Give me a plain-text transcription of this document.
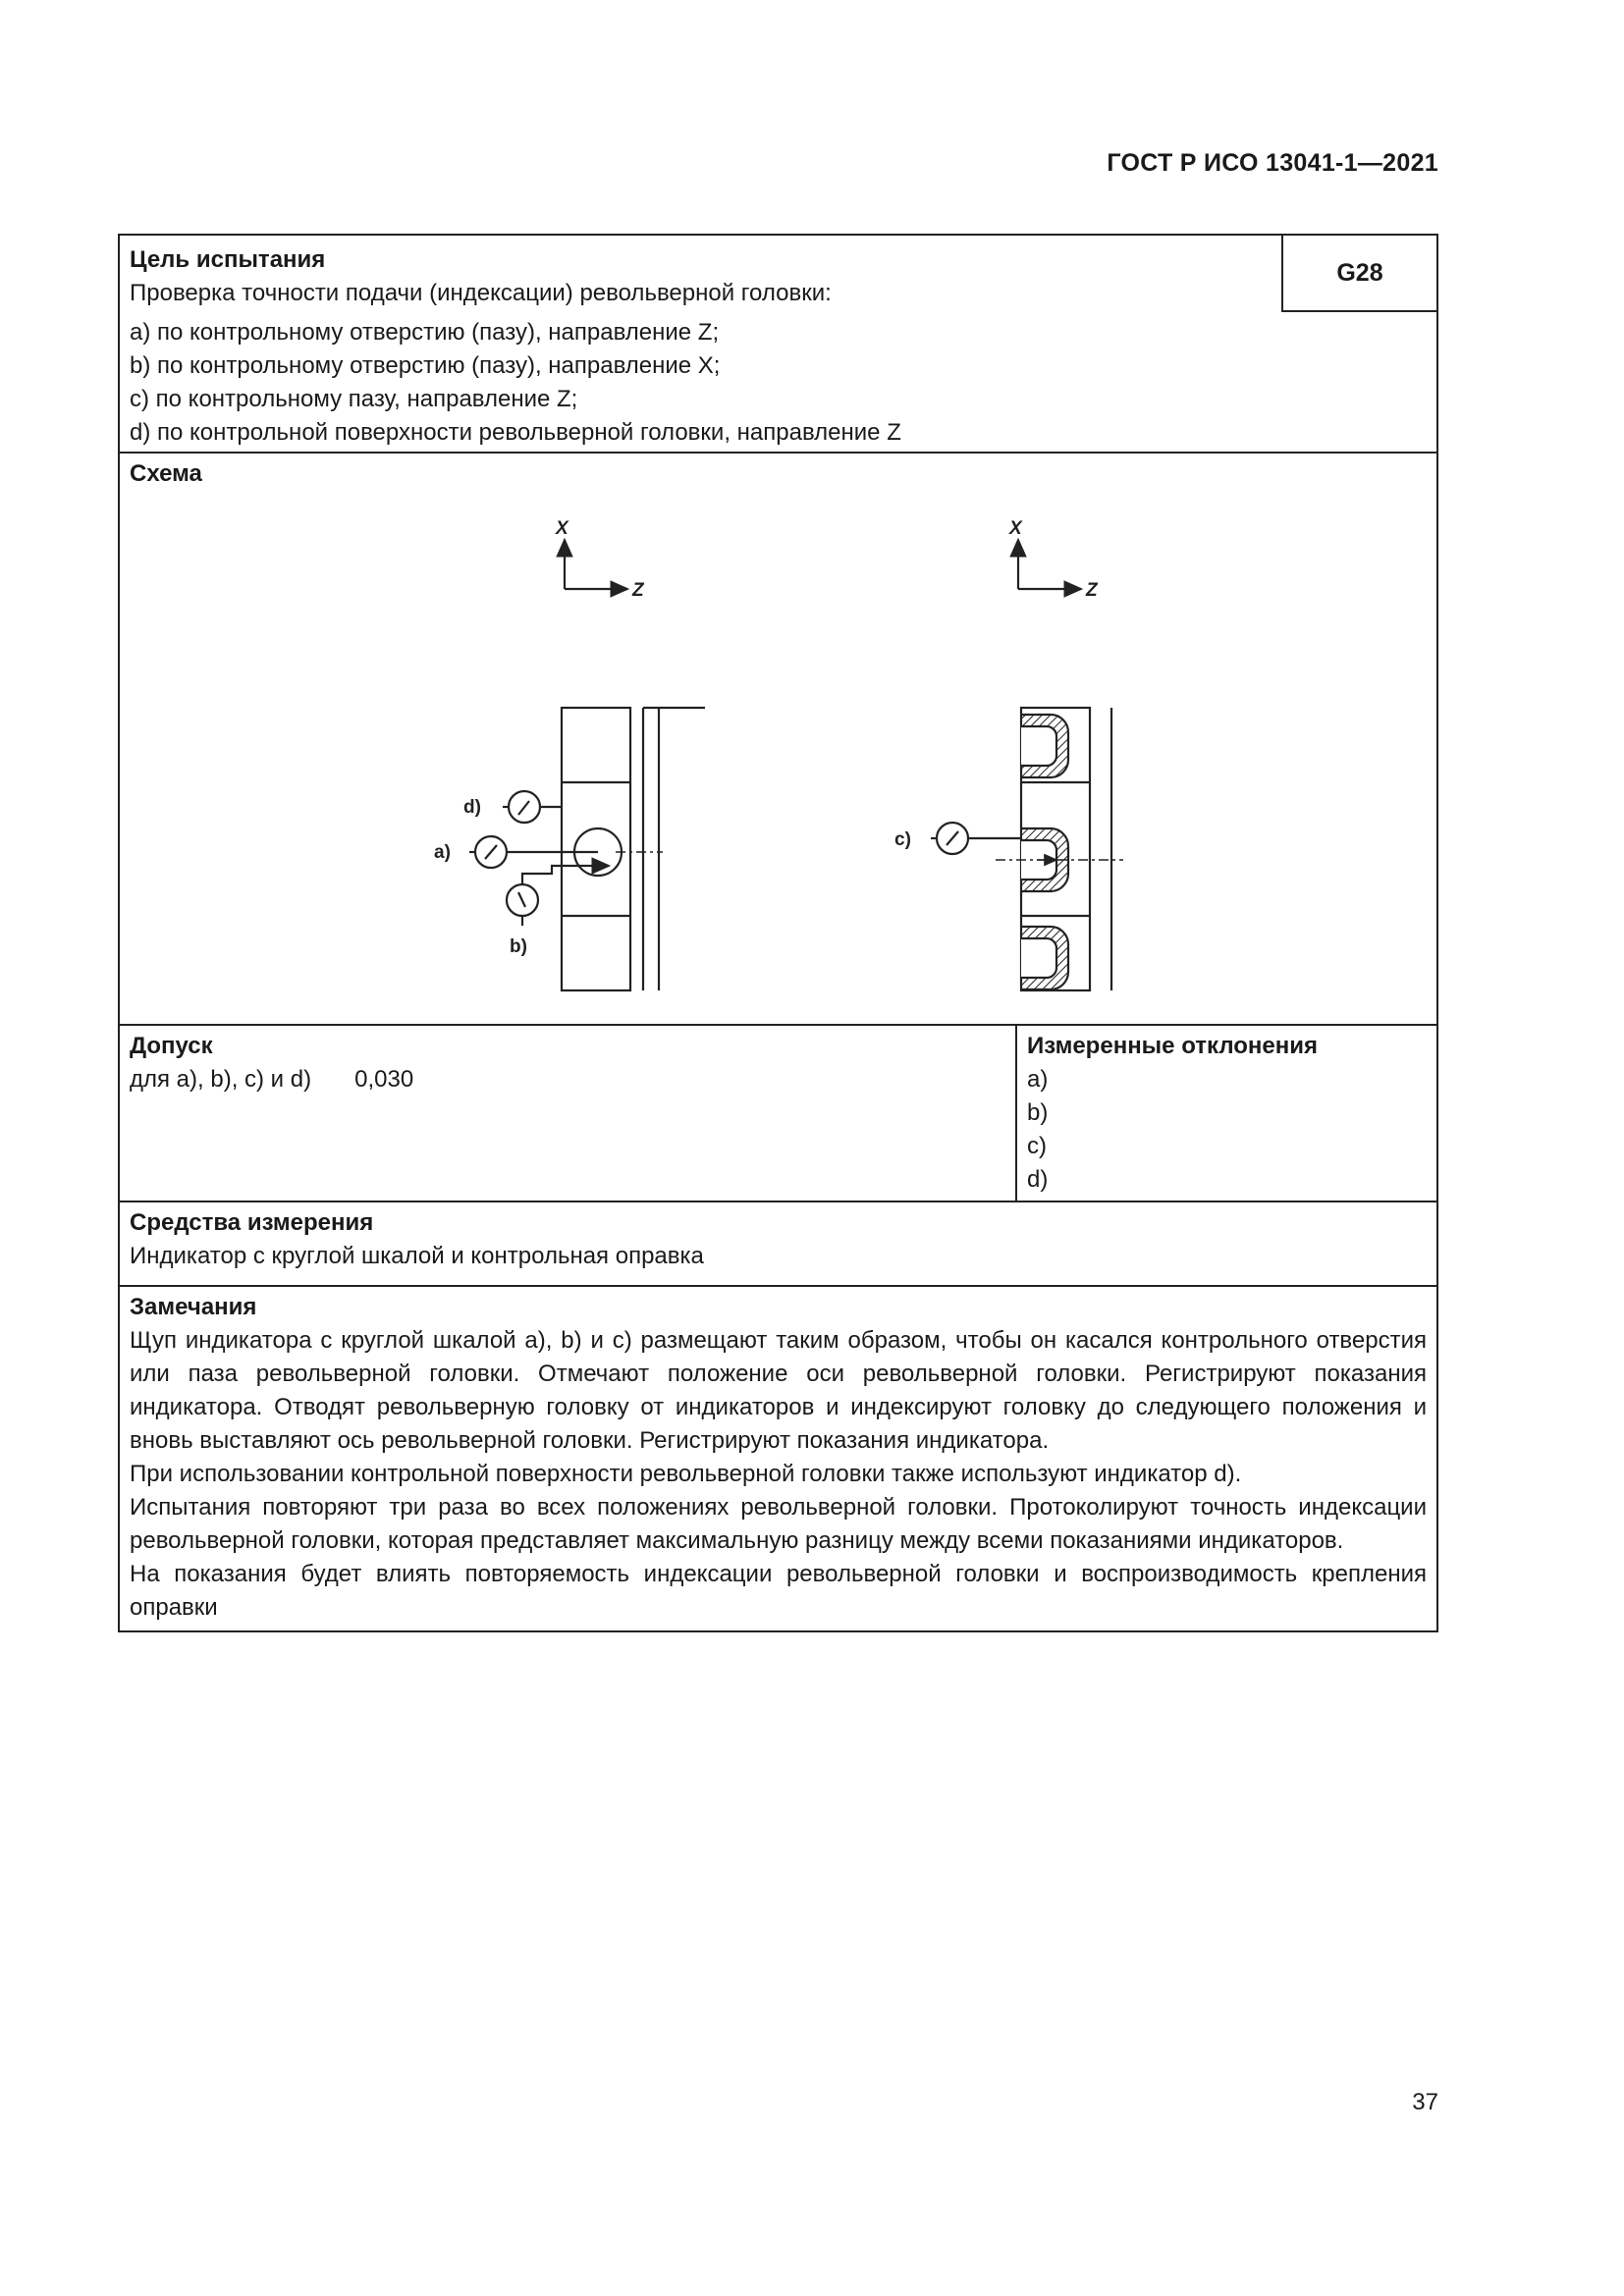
ГОСТ Р ИСО 13041-1—2021
Цель испытания
Проверка точности подачи (индексации) револьверной головки:
G28
a) по контрольному отверстию (пазу), направление Z;
b) по контрольному отверстию (пазу), направление X;
c) по контрольному пазу, направление Z;
d) по контрольной поверхности револьверной головки, направление Z
Схема
X
Z
X
Z
d)
a)
b)
c)
Допуск
для a), b), c) и d) 0,030
Измеренные отклонения
a)
b)
c)
d)
Средства измерения
Индикатор с круглой шкалой и контрольная оправка
Замечания

Щуп индикатора с круглой шкалой a), b) и c) размещают таким образом, чтобы он касался контрольного отверстия или паза револьверной головки. Отмечают положение оси револьверной головки. Регистрируют показания индикатора. Отводят револьверную головку от индикаторов и индексируют головку до следующего положения и вновь выставляют ось револьверной головки. Регистрируют показания индикатора.

При использовании контрольной поверхности револьверной головки также используют индикатор d).

Испытания повторяют три раза во всех положениях револьверной головки. Протоколируют точность индексации револьверной головки, которая представляет максимальную разницу между всеми показаниями индикаторов.

На показания будет влиять повторяемость индексации револьверной головки и воспроизводимость крепления оправки

37
